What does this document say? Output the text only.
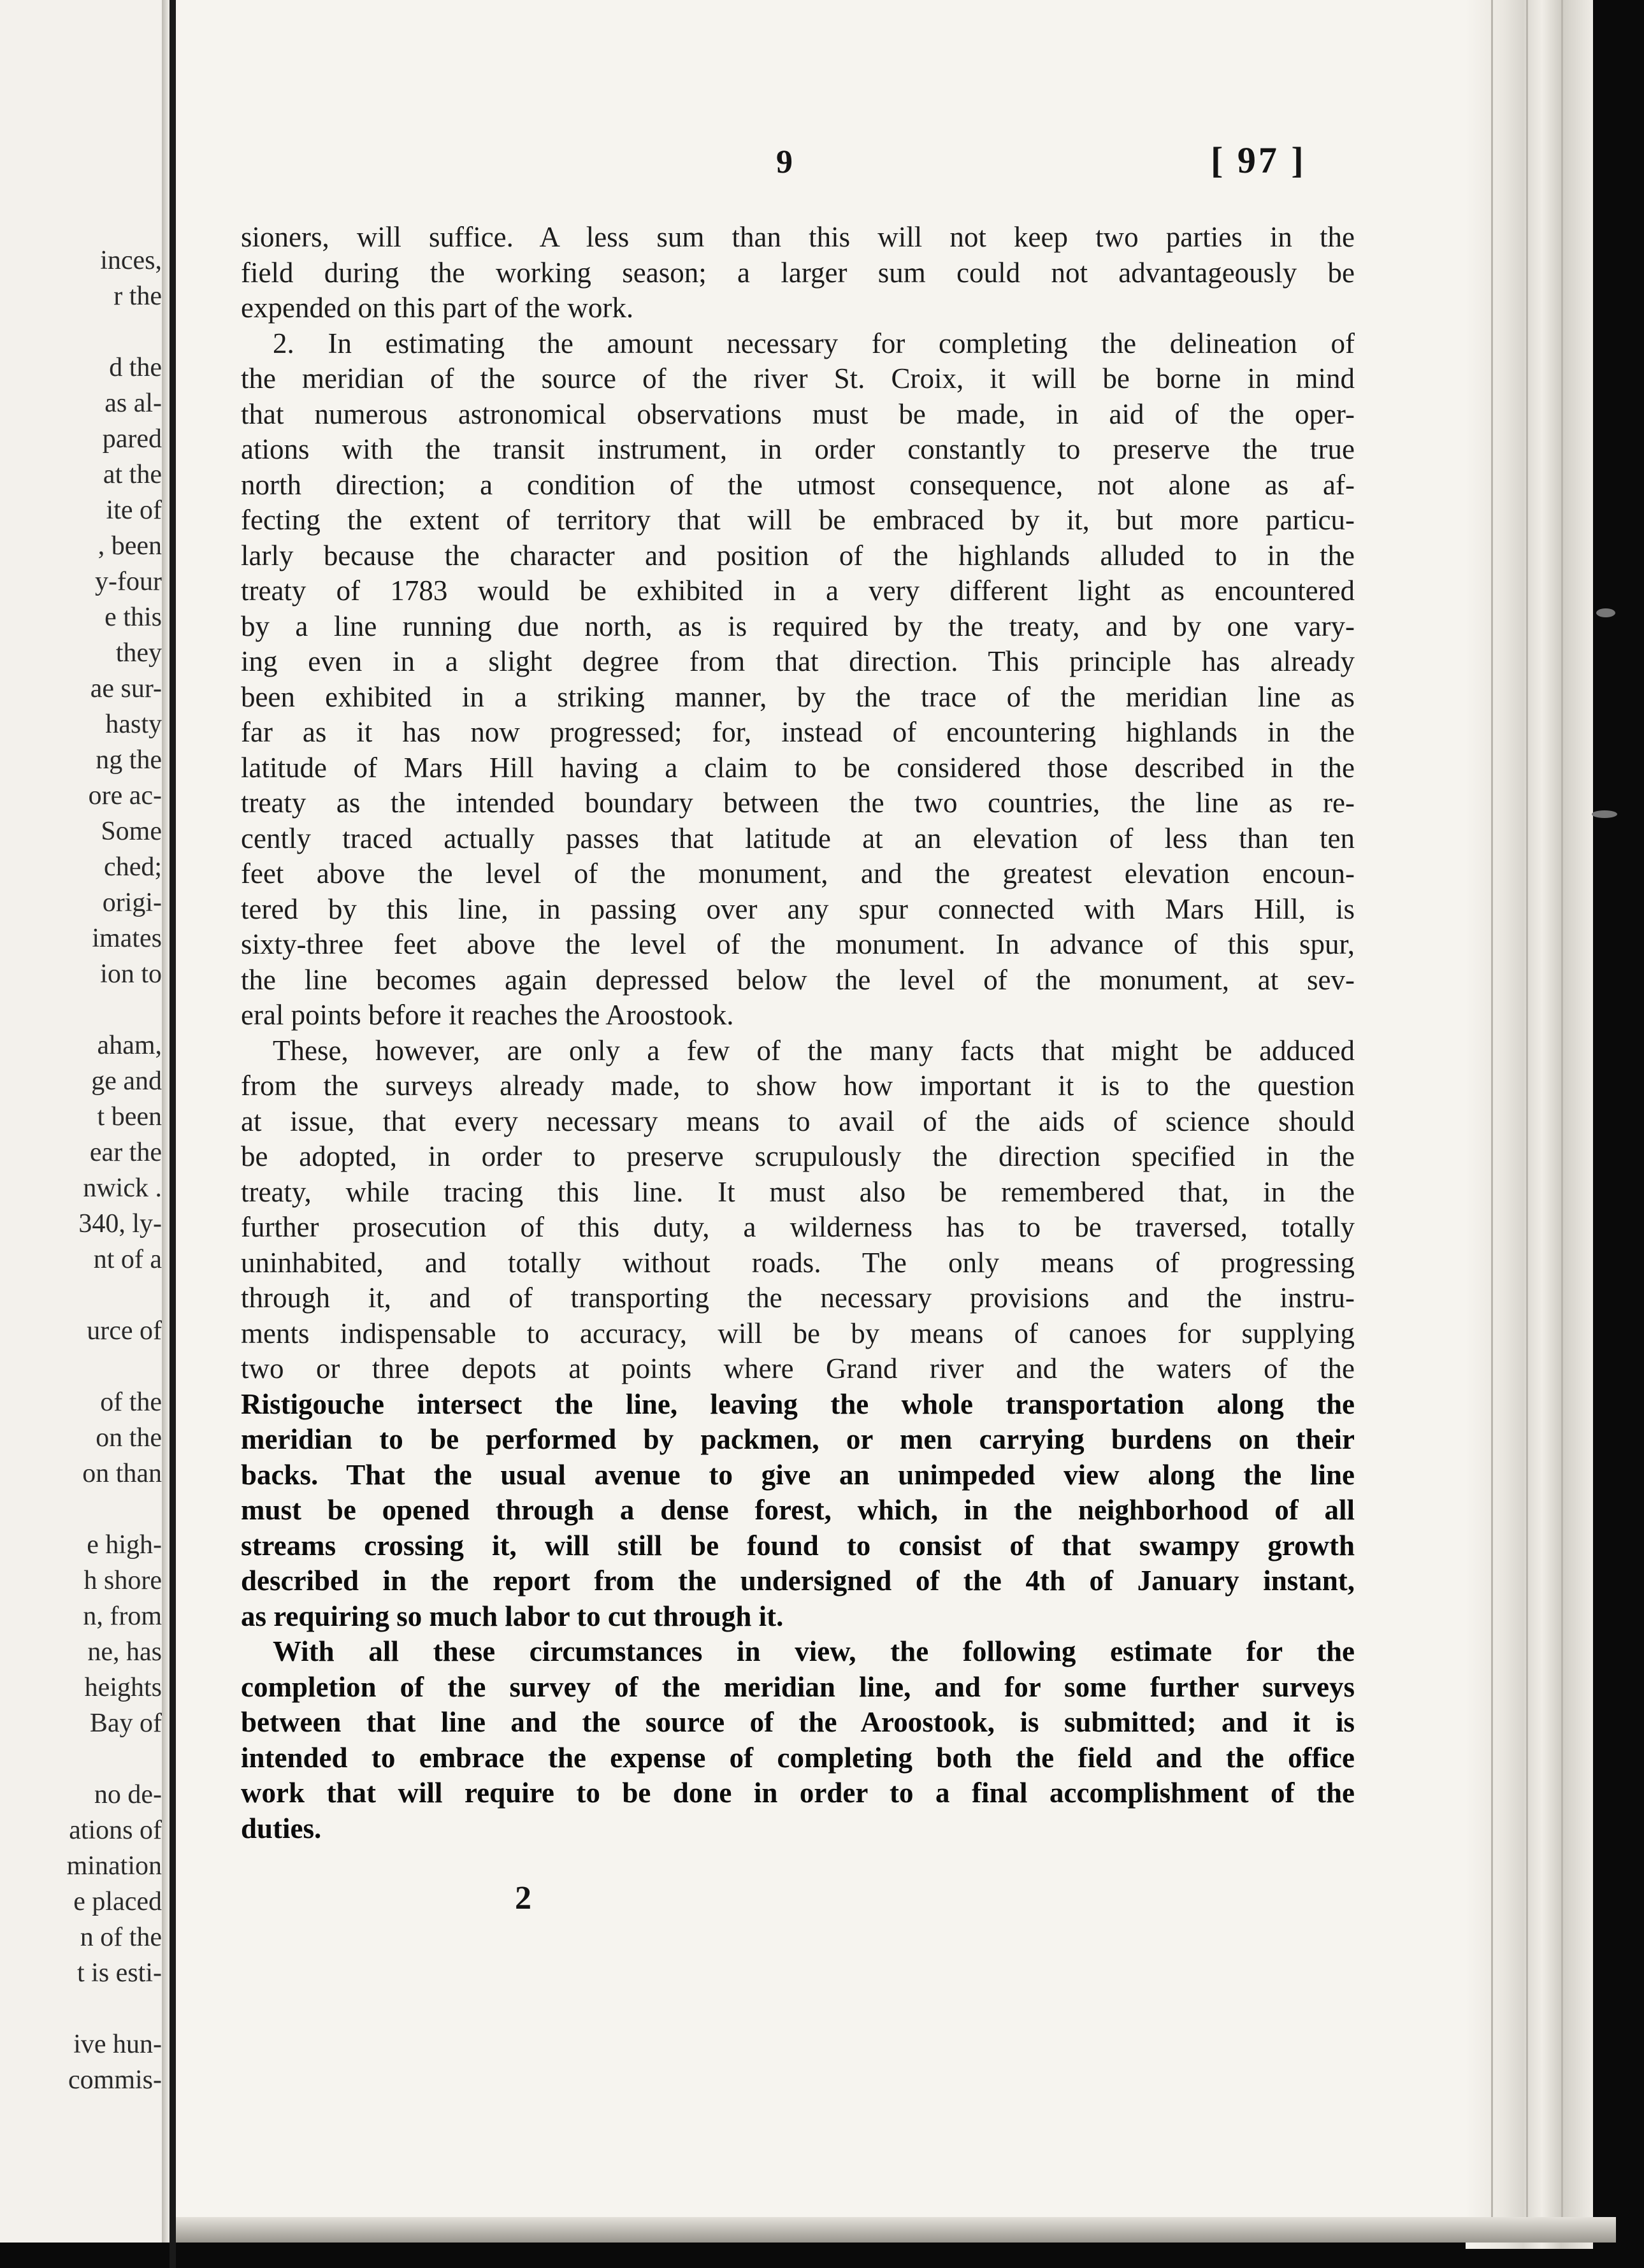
inces,
r the
d the
as al-
pared
at the
ite of
, been
y-four
e this
they
ae sur-
hasty
ng the
ore ac-
Some
ched;
origi-
imates
ion to
aham,
ge and
t been
ear the
nwick .
340, ly-
nt of a
urce of
of the
on the
on than
e high-
h shore
n, from
ne, has
heights
Bay of
no de-
ations of
mination
e placed
n of the
t is esti-
ive hun-
commis-
9	[ 97 ]
sioners, will suffice. A less sum than this will not keep two parties in the
field during the working season; a larger sum could not advantageously be
expended on this part of the work.
2. In estimating the amount necessary for completing the delineation of
the meridian of the source of the river St. Croix, it will be borne in mind
that numerous astronomical observations must be made, in aid of the oper-
ations with the transit instrument, in order constantly to preserve the true
north direction; a condition of the utmost consequence, not alone as af-
fecting the extent of territory that will be embraced by it, but more particu-
larly because the character and position of the highlands alluded to in the
treaty of 1783 would be exhibited in a very different light as encountered
by a line running due north, as is required by the treaty, and by one vary-
ing even in a slight degree from that direction. This principle has already
been exhibited in a striking manner, by the trace of the meridian line as
far as it has now progressed; for, instead of encountering highlands in the
latitude of Mars Hill having a claim to be considered those described in the
treaty as the intended boundary between the two countries, the line as re-
cently traced actually passes that latitude at an elevation of less than ten
feet above the level of the monument, and the greatest elevation encoun-
tered by this line, in passing over any spur connected with Mars Hill, is
sixty-three feet above the level of the monument. In advance of this spur,
the line becomes again depressed below the level of the monument, at sev-
eral points before it reaches the Aroostook.
These, however, are only a few of the many facts that might be adduced
from the surveys already made, to show how important it is to the question
at issue, that every necessary means to avail of the aids of science should
be adopted, in order to preserve scrupulously the direction specified in the
treaty, while tracing this line. It must also be remembered that, in the
further prosecution of this duty, a wilderness has to be traversed, totally
uninhabited, and totally without roads. The only means of progressing
through it, and of transporting the necessary provisions and the instru-
ments indispensable to accuracy, will be by means of canoes for supplying
two or three depots at points where Grand river and the waters of the
Ristigouche intersect the line, leaving the whole transportation along the
meridian to be performed by packmen, or men carrying burdens on their
backs. That the usual avenue to give an unimpeded view along the line
must be opened through a dense forest, which, in the neighborhood of all
streams crossing it, will still be found to consist of that swampy growth
described in the report from the undersigned of the 4th of January instant,
as requiring so much labor to cut through it.
With all these circumstances in view, the following estimate for the
completion of the survey of the meridian line, and for some further surveys
between that line and the source of the Aroostook, is submitted; and it is
intended to embrace the expense of completing both the field and the office
work that will require to be done in order to a final accomplishment of the
duties.
2
